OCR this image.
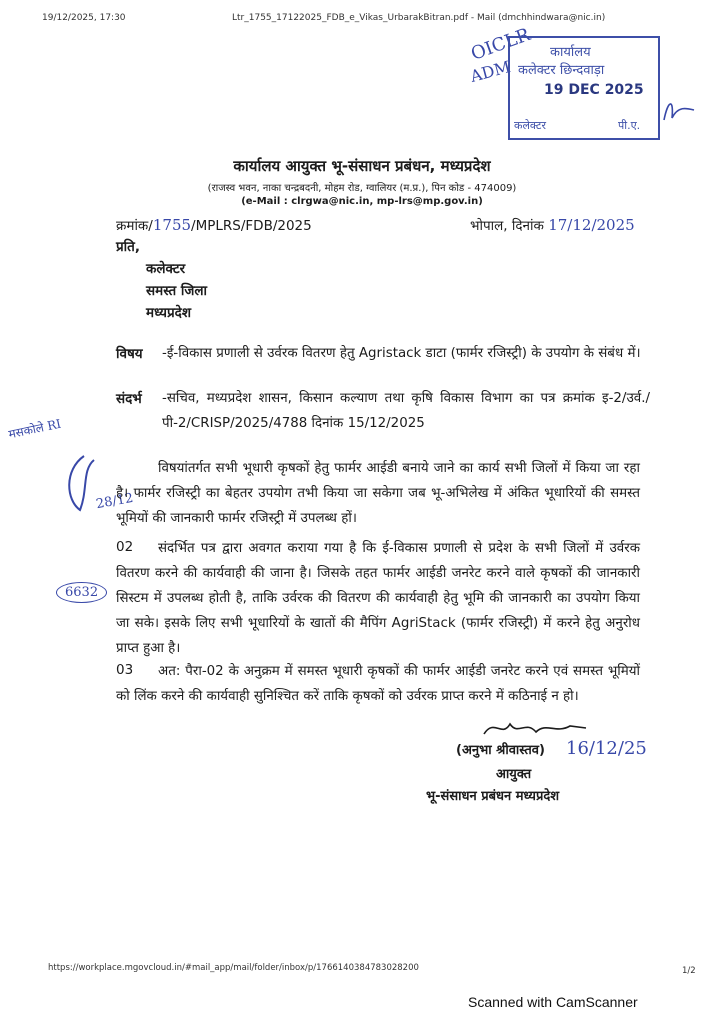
19/12/2025, 17:30	Ltr_1755_17122025_FDB_e_Vikas_UrbarakBitran.pdf - Mail (dmchhindwara@nic.in)
OICLR
ADM
कार्यालय
कलेक्टर छिन्दवाड़ा
19 DEC 2025
कलेक्टर	पी.ए.
कार्यालय आयुक्त भू-संसाधन प्रबंधन, मध्यप्रदेश
(राजस्व भवन, नाका चन्द्रबदनी, मोहम रोड, ग्वालियर (म.प्र.), पिन कोड - 474009)
(e-Mail : clrgwa@nic.in, mp-lrs@mp.gov.in)
क्रमांक/1755/MPLRS/FDB/2025	भोपाल, दिनांक 17/12/2025
प्रति,
कलेक्टर
समस्त जिला
मध्यप्रदेश
विषय -ई-विकास प्रणाली से उर्वरक वितरण हेतु Agristack डाटा (फार्मर रजिस्ट्री) के उपयोग के संबंध में।
संदर्भ -सचिव, मध्यप्रदेश शासन, किसान कल्याण तथा कृषि विकास विभाग का पत्र क्रमांक इ-2/उर्व./पी-2/CRISP/2025/4788 दिनांक 15/12/2025
मसकोले RI
28/12
6632
विषयांतर्गत सभी भूधारी कृषकों हेतु फार्मर आईडी बनाये जाने का कार्य सभी जिलों में किया जा रहा है। फार्मर रजिस्ट्री का बेहतर उपयोग तभी किया जा सकेगा जब भू-अभिलेख में अंकित भूधारियों की समस्त भूमियों की जानकारी फार्मर रजिस्ट्री में उपलब्ध हों।
02	संदर्भित पत्र द्वारा अवगत कराया गया है कि ई-विकास प्रणाली से प्रदेश के सभी जिलों में उर्वरक वितरण करने की कार्यवाही की जाना है। जिसके तहत फार्मर आईडी जनरेट करने वाले कृषकों की जानकारी सिस्टम में उपलब्ध होती है, ताकि उर्वरक की वितरण की कार्यवाही हेतु भूमि की जानकारी का उपयोग किया जा सके। इसके लिए सभी भूधारियों के खातों की मैपिंग AgriStack (फार्मर रजिस्ट्री) में करने हेतु अनुरोध प्राप्त हुआ है।
03	अत: पैरा-02 के अनुक्रम में समस्त भूधारी कृषकों की फार्मर आईडी जनरेट करने एवं समस्त भूमियों को लिंक करने की कार्यवाही सुनिश्चित करें ताकि कृषकों को उर्वरक प्राप्त करने में कठिनाई न हो।
(अनुभा श्रीवास्तव) 16/12/25
आयुक्त
भू-संसाधन प्रबंधन मध्यप्रदेश
https://workplace.mgovcloud.in/#mail_app/mail/folder/inbox/p/1766140384783028200	1/2
Scanned with CamScanner
